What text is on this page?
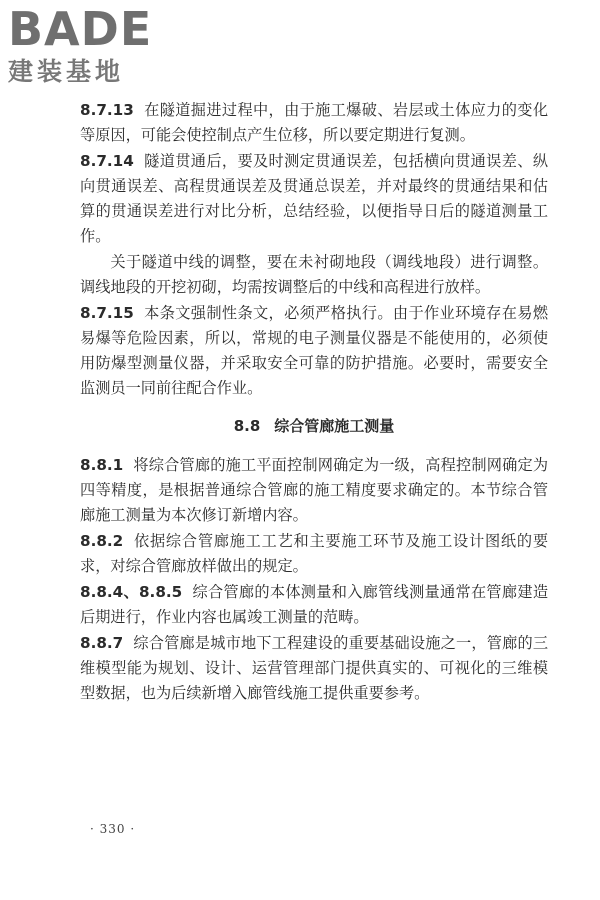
BADE
建装基地

8.7.13 在隧道掘进过程中，由于施工爆破、岩层或土体应力的变化等原因，可能会使控制点产生位移，所以要定期进行复测。

8.7.14 隧道贯通后，要及时测定贯通误差，包括横向贯通误差、纵向贯通误差、高程贯通误差及贯通总误差，并对最终的贯通结果和估算的贯通误差进行对比分析，总结经验，以便指导日后的隧道测量工作。

关于隧道中线的调整，要在未衬砌地段（调线地段）进行调整。调线地段的开挖初砌，均需按调整后的中线和高程进行放样。

8.7.15 本条文强制性条文，必须严格执行。由于作业环境存在易燃易爆等危险因素，所以，常规的电子测量仪器是不能使用的，必须使用防爆型测量仪器，并采取安全可靠的防护措施。必要时，需要安全监测员一同前往配合作业。

8.8 综合管廊施工测量

8.8.1 将综合管廊的施工平面控制网确定为一级，高程控制网确定为四等精度，是根据普通综合管廊的施工精度要求确定的。本节综合管廊施工测量为本次修订新增内容。

8.8.2 依据综合管廊施工工艺和主要施工环节及施工设计图纸的要求，对综合管廊放样做出的规定。

8.8.4、8.8.5 综合管廊的本体测量和入廊管线测量通常在管廊建造后期进行，作业内容也属竣工测量的范畴。

8.8.7 综合管廊是城市地下工程建设的重要基础设施之一，管廊的三维模型能为规划、设计、运营管理部门提供真实的、可视化的三维模型数据，也为后续新增入廊管线施工提供重要参考。

· 330 ·
